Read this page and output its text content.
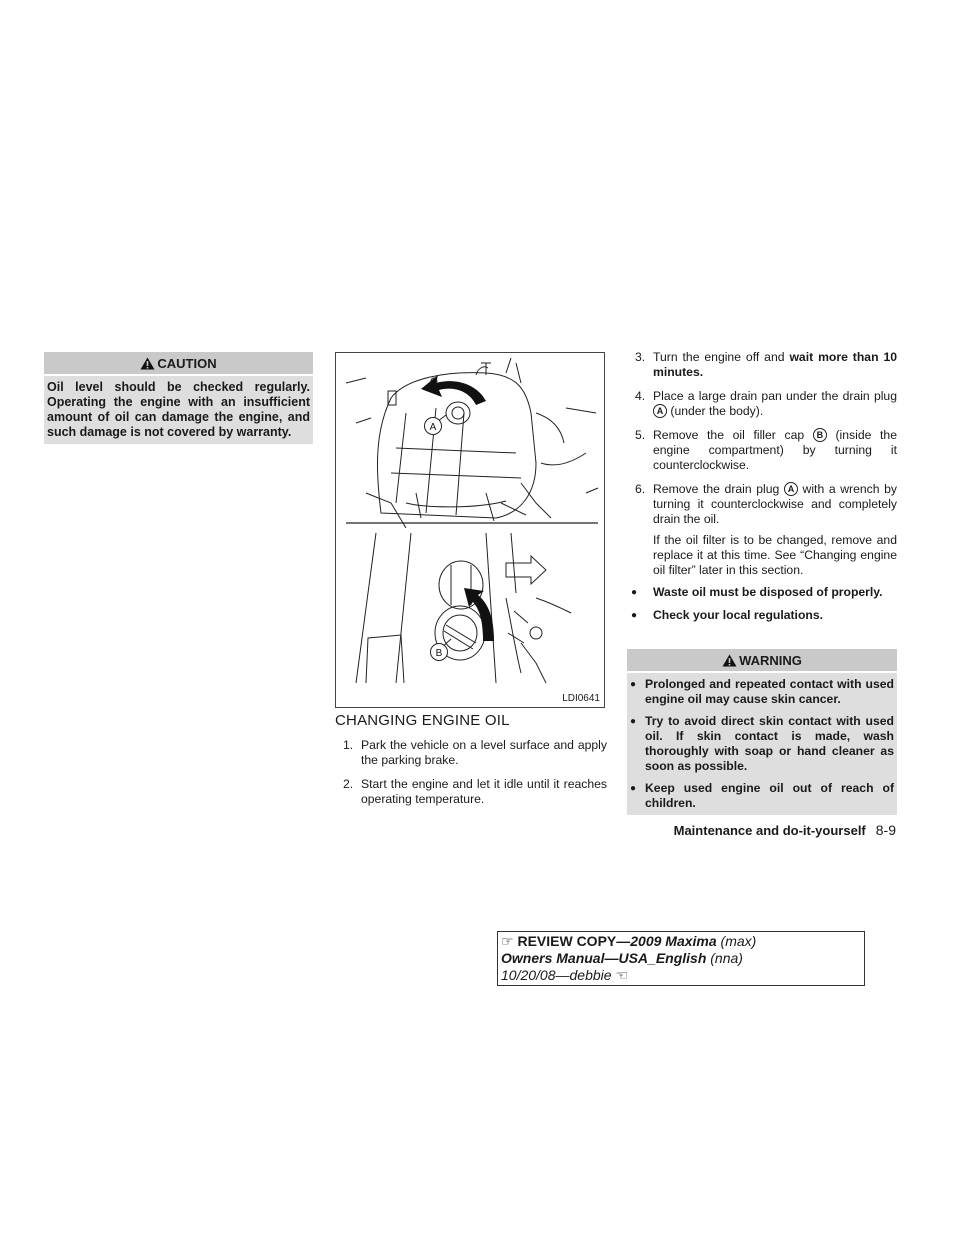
CAUTION
Oil level should be checked regularly. Operating the engine with an insufficient amount of oil can damage the engine, and such damage is not covered by warranty.	A
B
LDI0641
CHANGING ENGINE OIL
1. Park the vehicle on a level surface and apply the parking brake.
2. Start the engine and let it idle until it reaches operating temperature.
3. Turn the engine off and wait more than 10 minutes.
4. Place a large drain pan under the drain plug A (under the body).
5. Remove the oil filler cap B (inside the engine compartment) by turning it counterclockwise.
6. Remove the drain plug A with a wrench by turning it counterclockwise and completely drain the oil.
If the oil filter is to be changed, remove and replace it at this time. See “Changing engine oil filter” later in this section.
● Waste oil must be disposed of properly.
● Check your local regulations.
WARNING
● Prolonged and repeated contact with used engine oil may cause skin cancer.
● Try to avoid direct skin contact with used oil. If skin contact is made, wash thoroughly with soap or hand cleaner as soon as possible.
● Keep used engine oil out of reach of children.
Maintenance and do-it-yourself 8-9
☞ REVIEW COPY—2009 Maxima (max)
Owners Manual—USA_English (nna)
10/20/08—debbie ☜
